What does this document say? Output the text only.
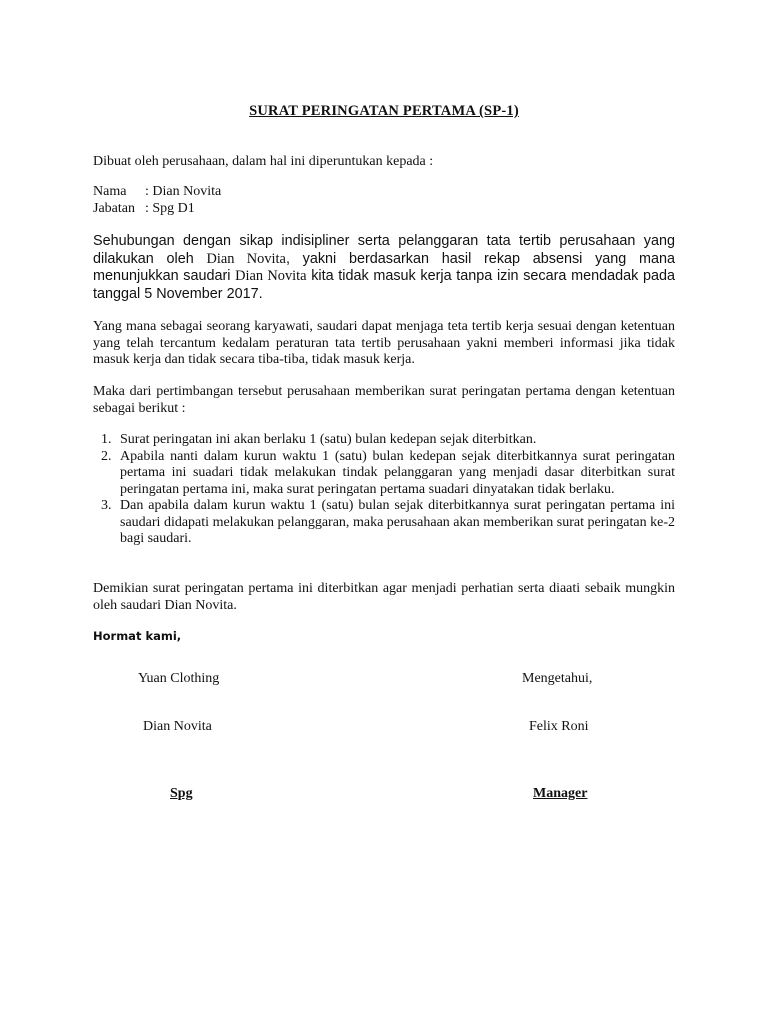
SURAT PERINGATAN PERTAMA (SP-1)
Dibuat oleh perusahaan, dalam hal ini diperuntukan kepada :
Nama : Dian Novita
Jabatan : Spg D1
Sehubungan dengan sikap indisipliner serta pelanggaran tata tertib perusahaan yang dilakukan oleh Dian Novita, yakni berdasarkan hasil rekap absensi yang mana menunjukkan saudari Dian Novita kita tidak masuk kerja tanpa izin secara mendadak pada tanggal 5 November 2017.
Yang mana sebagai seorang karyawati, saudari dapat menjaga teta tertib kerja sesuai dengan ketentuan yang telah tercantum kedalam peraturan tata tertib perusahaan yakni memberi informasi jika tidak masuk kerja dan tidak secara tiba-tiba, tidak masuk kerja.
Maka dari pertimbangan tersebut perusahaan memberikan surat peringatan pertama dengan ketentuan sebagai berikut :
1. Surat peringatan ini akan berlaku 1 (satu) bulan kedepan sejak diterbitkan.
2. Apabila nanti dalam kurun waktu 1 (satu) bulan kedepan sejak diterbitkannya surat peringatan pertama ini suadari tidak melakukan tindak pelanggaran yang menjadi dasar diterbitkan surat peringatan pertama ini, maka surat peringatan pertama suadari dinyatakan tidak berlaku.
3. Dan apabila dalam kurun waktu 1 (satu) bulan sejak diterbitkannya surat peringatan pertama ini saudari didapati melakukan pelanggaran, maka perusahaan akan memberikan surat peringatan ke-2 bagi saudari.
Demikian surat peringatan pertama ini diterbitkan agar menjadi perhatian serta diaati sebaik mungkin oleh saudari Dian Novita.
Hormat kami,
Yuan Clothing	Mengetahui,
Dian Novita	Felix Roni
Spg	Manager
